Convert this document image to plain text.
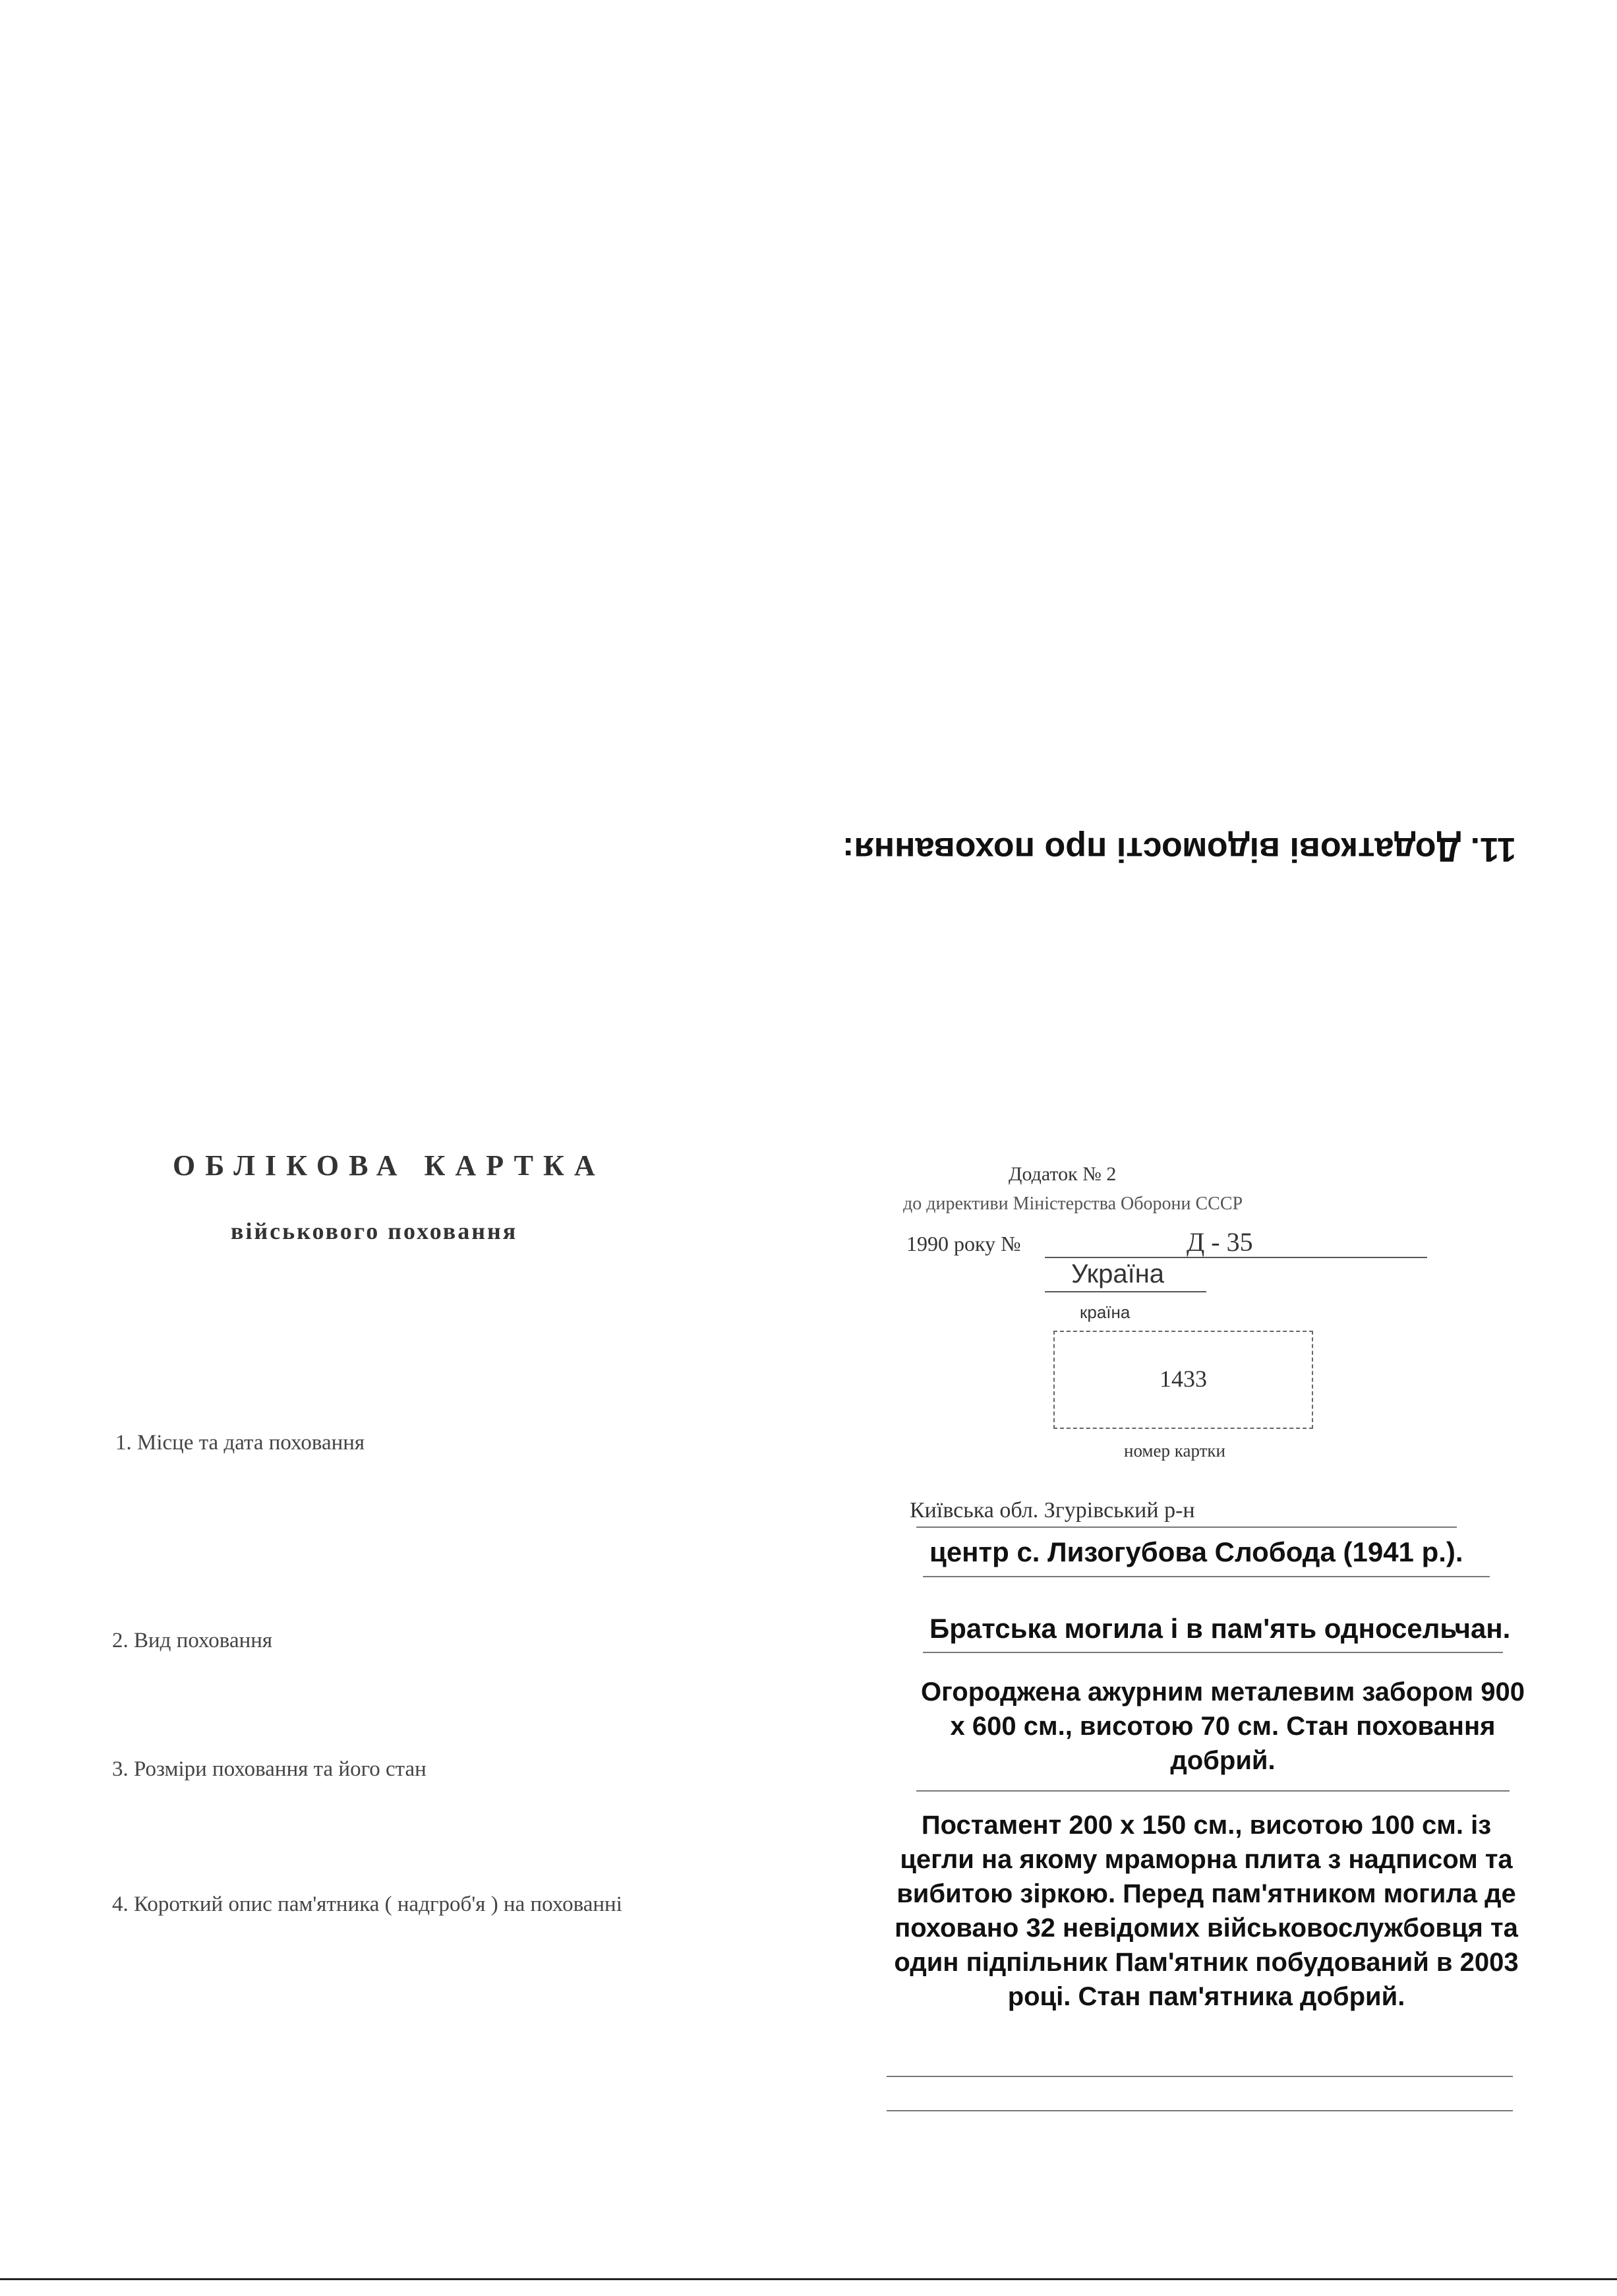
11. Додаткові відомості про поховання:
ОБЛІКОВА КАРТКА
військового поховання
Додаток № 2
до директиви Міністерства Оборони СССР
1990 року №	Д - 35
Україна
країна
1433
номер картки
1. Місце та дата поховання
2. Вид поховання
3. Розміри поховання та його стан
4. Короткий опис пам'ятника ( надгроб'я ) на похованні
Київська обл. Згурівський р-н
центр с. Лизогубова Слобода (1941 р.).
Братська могила і в пам'ять односельчан.
Огороджена ажурним металевим забором 900 х 600 см., висотою 70 см. Стан поховання добрий.
Постамент 200 х 150 см., висотою 100 см. із цегли на якому мраморна плита з надписом та вибитою зіркою. Перед пам'ятником могила де поховано 32 невідомих військовослужбовця та один підпільник Пам'ятник побудований в 2003 році. Стан пам'ятника добрий.
